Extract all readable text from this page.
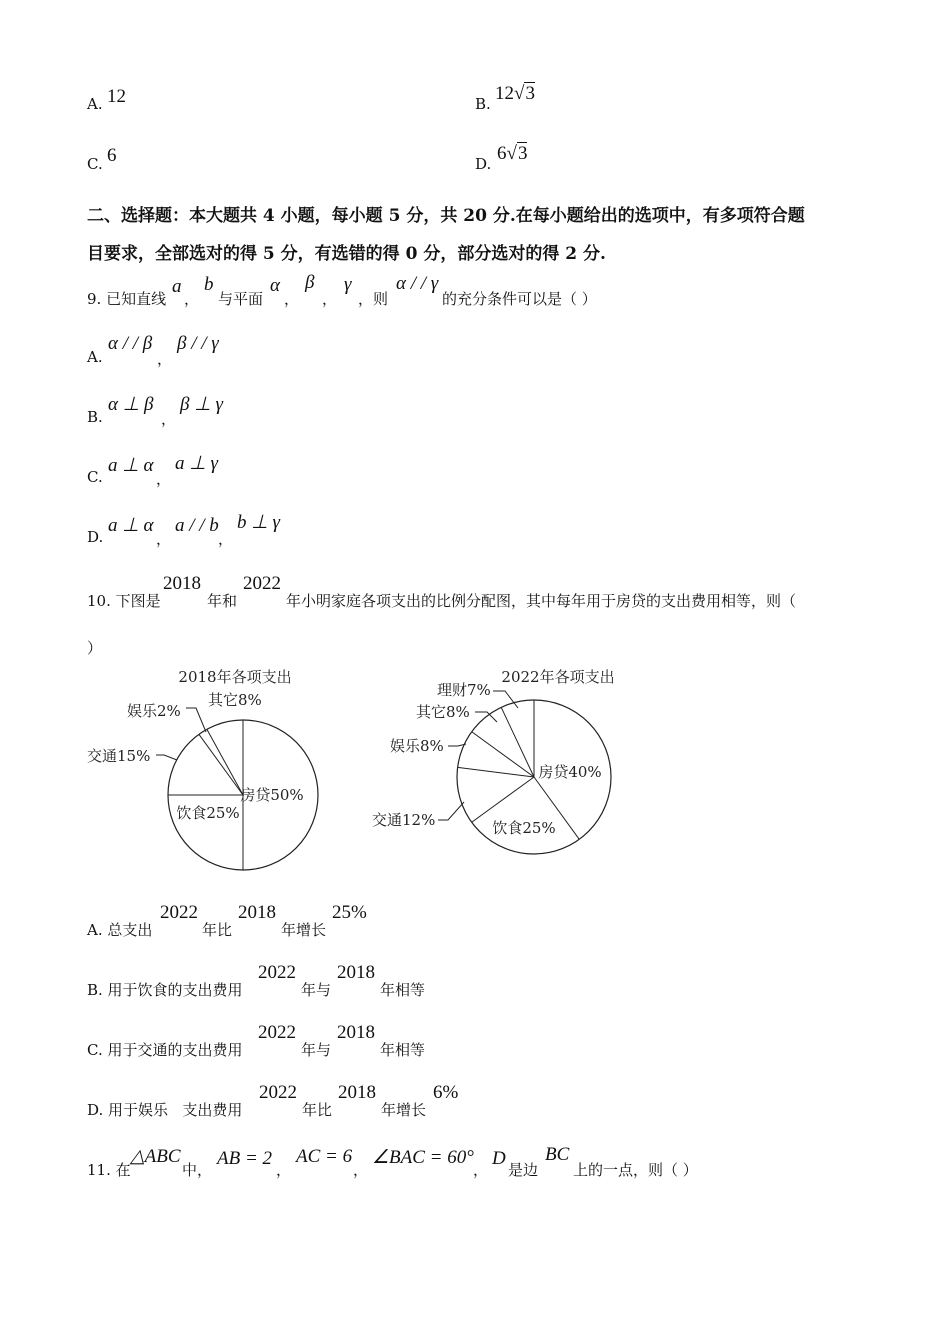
A. 12	B. 12√3
C. 6	D. 6√3
二、选择题：本大题共 4 小题，每小题 5 分，共 20 分.在每小题给出的选项中，有多项符合题
目要求，全部选对的得 5 分，有选错的得 0 分，部分选对的得 2 分.
9. 已知直线
a
，
b
与平面
α
，
β
，
γ
，则
α / / γ
的充分条件可以是（ ）
A.
α / / β
，
β / / γ
B.
α ⊥ β
，
β ⊥ γ
C.
a ⊥ α
，
a ⊥ γ
D.
a ⊥ α
，
a / / b
，
b ⊥ γ
10. 下图是
2018
年和
2022
年小明家庭各项支出的比例分配图，其中每年用于房贷的支出费用相等，则（
）
2018年各项支出
房贷50%
饮食25%
交通15%
娱乐2%
其它8%
2022年各项支出
房贷40%
饮食25%
交通12%
娱乐8%
其它8%
理财7%
A. 总支出
2022
年比
2018
年增长
25%
B. 用于饮食的支出费用
2022
年与
2018
年相等
C. 用于交通的支出费用
2022
年与
2018
年相等
D. 用于娱乐   支出费用
2022
年比
2018
年增长
6%
11. 在
△ABC
中，
AB = 2
，
AC = 6
，
∠BAC = 60°
，
D
是边
BC
上的一点，则（ ）
